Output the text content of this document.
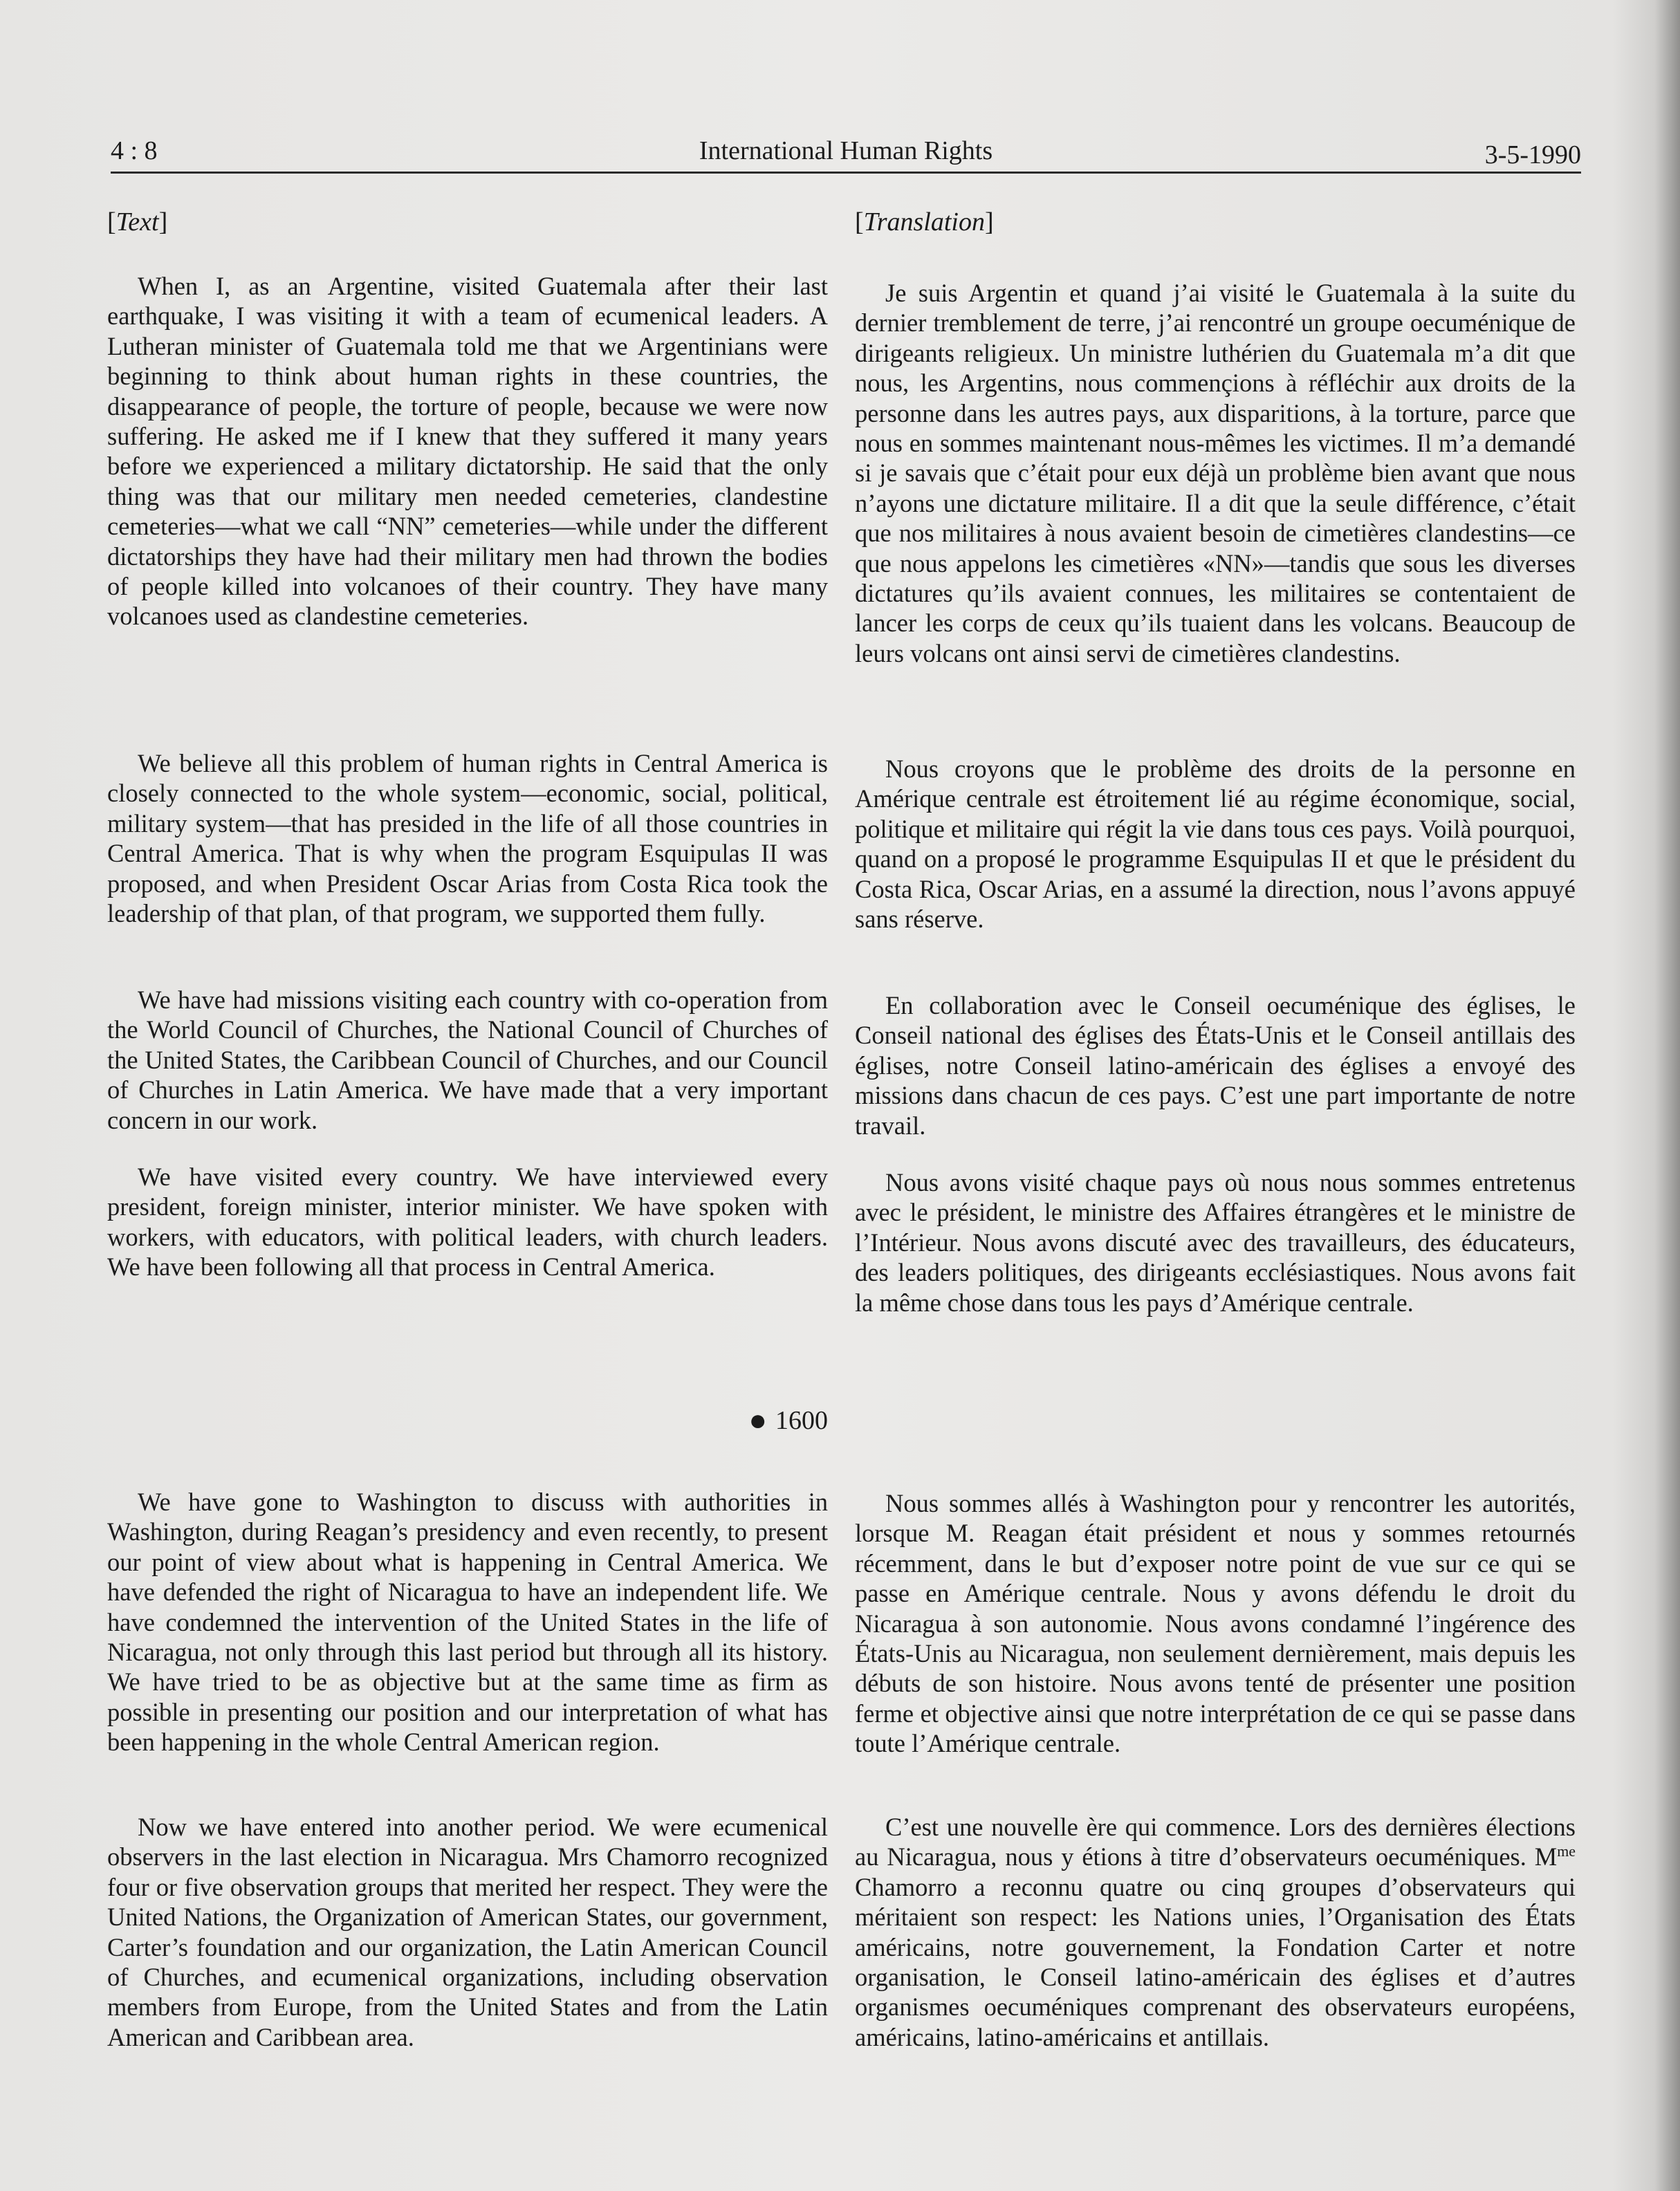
4 : 8	International Human Rights	3-5-1990
[Text]

When I, as an Argentine, visited Guatemala after their last earthquake, I was visiting it with a team of ecumenical leaders. A Lutheran minister of Guatemala told me that we Argentinians were beginning to think about human rights in these countries, the disappearance of people, the torture of people, because we were now suffering. He asked me if I knew that they suffered it many years before we experienced a military dictatorship. He said that the only thing was that our military men needed cemeteries, clandestine cemeteries—what we call “NN” cemeteries—while under the different dictatorships they have had their military men had thrown the bodies of people killed into volcanoes of their country. They have many volcanoes used as clandestine cemeteries.

We believe all this problem of human rights in Central America is closely connected to the whole system—economic, social, political, military system—that has presided in the life of all those countries in Central America. That is why when the program Esquipulas II was proposed, and when President Oscar Arias from Costa Rica took the leadership of that plan, of that program, we supported them fully.

We have had missions visiting each country with co-operation from the World Council of Churches, the National Council of Churches of the United States, the Caribbean Council of Churches, and our Council of Churches in Latin America. We have made that a very important concern in our work.

We have visited every country. We have interviewed every president, foreign minister, interior minister. We have spoken with workers, with educators, with political leaders, with church leaders. We have been following all that process in Central America.

● 1600

We have gone to Washington to discuss with authorities in Washington, during Reagan’s presidency and even recently, to present our point of view about what is happening in Central America. We have defended the right of Nicaragua to have an independent life. We have condemned the intervention of the United States in the life of Nicaragua, not only through this last period but through all its history. We have tried to be as objective but at the same time as firm as possible in presenting our position and our interpretation of what has been happening in the whole Central American region.

Now we have entered into another period. We were ecumenical observers in the last election in Nicaragua. Mrs Chamorro recognized four or five observation groups that merited her respect. They were the United Nations, the Organization of American States, our government, Carter’s foundation and our organization, the Latin American Council of Churches, and ecumenical organizations, including observation members from Europe, from the United States and from the Latin American and Caribbean area.

[Translation]

Je suis Argentin et quand j’ai visité le Guatemala à la suite du dernier tremblement de terre, j’ai rencontré un groupe oecuménique de dirigeants religieux. Un ministre luthérien du Guatemala m’a dit que nous, les Argentins, nous commençions à réfléchir aux droits de la personne dans les autres pays, aux disparitions, à la torture, parce que nous en sommes maintenant nous-mêmes les victimes. Il m’a demandé si je savais que c’était pour eux déjà un problème bien avant que nous n’ayons une dictature militaire. Il a dit que la seule différence, c’était que nos militaires à nous avaient besoin de cimetières clandestins—ce que nous appelons les cimetières «NN»—tandis que sous les diverses dictatures qu’ils avaient connues, les militaires se contentaient de lancer les corps de ceux qu’ils tuaient dans les volcans. Beaucoup de leurs volcans ont ainsi servi de cimetières clandestins.

Nous croyons que le problème des droits de la personne en Amérique centrale est étroitement lié au régime économique, social, politique et militaire qui régit la vie dans tous ces pays. Voilà pourquoi, quand on a proposé le programme Esquipulas II et que le président du Costa Rica, Oscar Arias, en a assumé la direction, nous l’avons appuyé sans réserve.

En collaboration avec le Conseil oecuménique des églises, le Conseil national des églises des États-Unis et le Conseil antillais des églises, notre Conseil latino-américain des églises a envoyé des missions dans chacun de ces pays. C’est une part importante de notre travail.

Nous avons visité chaque pays où nous nous sommes entretenus avec le président, le ministre des Affaires étrangères et le ministre de l’Intérieur. Nous avons discuté avec des travailleurs, des éducateurs, des leaders politiques, des dirigeants ecclésiastiques. Nous avons fait la même chose dans tous les pays d’Amérique centrale.

Nous sommes allés à Washington pour y rencontrer les autorités, lorsque M. Reagan était président et nous y sommes retournés récemment, dans le but d’exposer notre point de vue sur ce qui se passe en Amérique centrale. Nous y avons défendu le droit du Nicaragua à son autonomie. Nous avons condamné l’ingérence des États-Unis au Nicaragua, non seulement dernièrement, mais depuis les débuts de son histoire. Nous avons tenté de présenter une position ferme et objective ainsi que notre interprétation de ce qui se passe dans toute l’Amérique centrale.

C’est une nouvelle ère qui commence. Lors des dernières élections au Nicaragua, nous y étions à titre d’observateurs oecuméniques. $M^{me}$ Chamorro a reconnu quatre ou cinq groupes d’observateurs qui méritaient son respect: les Nations unies, l’Organisation des États américains, notre gouvernement, la Fondation Carter et notre organisation, le Conseil latino-américain des églises et d’autres organismes oecuméniques comprenant des observateurs européens, américains, latino-américains et antillais.
